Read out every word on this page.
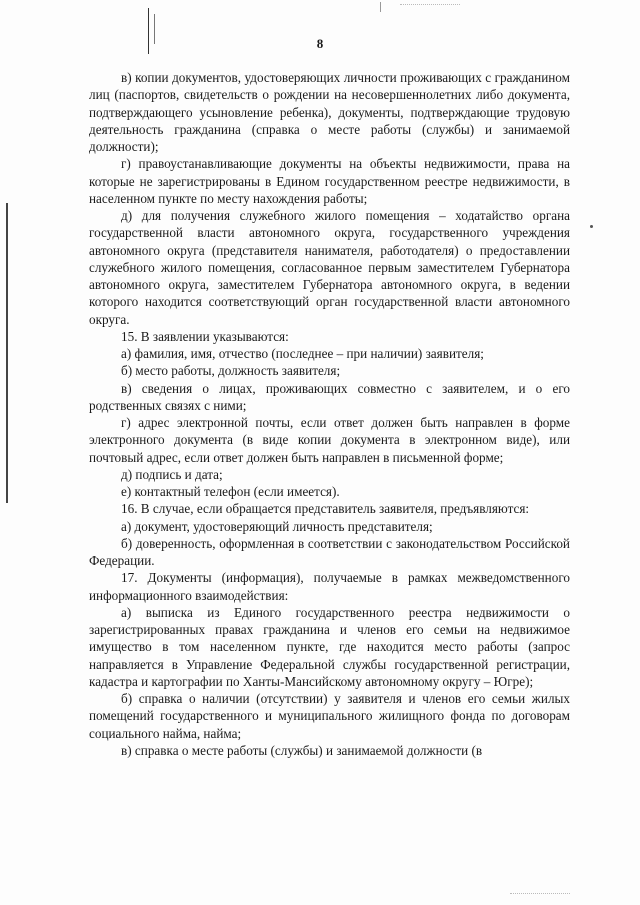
8

в) копии документов, удостоверяющих личности проживающих с гражданином лиц (паспортов, свидетельств о рождении на несовершеннолетних либо документа, подтверждающего усыновление ребенка), документы, подтверждающие трудовую деятельность гражданина (справка о месте работы (службы) и занимаемой должности);

г) правоустанавливающие документы на объекты недвижимости, права на которые не зарегистрированы в Едином государственном реестре недвижимости, в населенном пункте по месту нахождения работы;

д) для получения служебного жилого помещения – ходатайство органа государственной власти автономного округа, государственного учреждения автономного округа (представителя нанимателя, работодателя) о предоставлении служебного жилого помещения, согласованное первым заместителем Губернатора автономного округа, заместителем Губернатора автономного округа, в ведении которого находится соответствующий орган государственной власти автономного округа.

15. В заявлении указываются:

а) фамилия, имя, отчество (последнее – при наличии) заявителя;

б) место работы, должность заявителя;

в) сведения о лицах, проживающих совместно с заявителем, и о его родственных связях с ними;

г) адрес электронной почты, если ответ должен быть направлен в форме электронного документа (в виде копии документа в электронном виде), или почтовый адрес, если ответ должен быть направлен в письменной форме;

д) подпись и дата;

е) контактный телефон (если имеется).

16. В случае, если обращается представитель заявителя, предъявляются:

а) документ, удостоверяющий личность представителя;

б) доверенность, оформленная в соответствии с законодательством Российской Федерации.

17. Документы (информация), получаемые в рамках межведомственного информационного взаимодействия:

а) выписка из Единого государственного реестра недвижимости о зарегистрированных правах гражданина и членов его семьи на недвижимое имущество в том населенном пункте, где находится место работы (запрос направляется в Управление Федеральной службы государственной регистрации, кадастра и картографии по Ханты-Мансийскому автономному округу – Югре);

б) справка о наличии (отсутствии) у заявителя и членов его семьи жилых помещений государственного и муниципального жилищного фонда по договорам социального найма, найма;

в) справка о месте работы (службы) и занимаемой должности (в
